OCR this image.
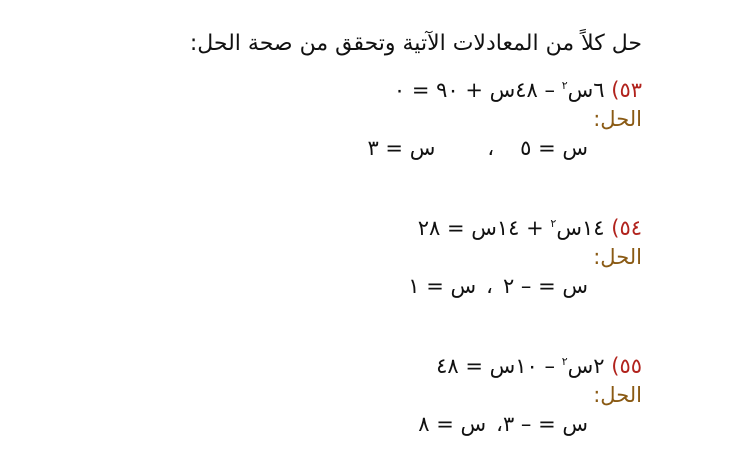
حل كلاً من المعادلات الآتية وتحقق من صحة الحل:
٥٣) ٦س$^٢$ – ٤٨س + ٩٠ = ٠
الحل:
س = ٥،س = ٣
٥٤) ١٤س$^٢$ + ١٤س = ٢٨
الحل:
س = – ٢،س = ١
٥٥) ٢س$^٢$ – ١٠س = ٤٨
الحل:
س = – ٣،س = ٨
